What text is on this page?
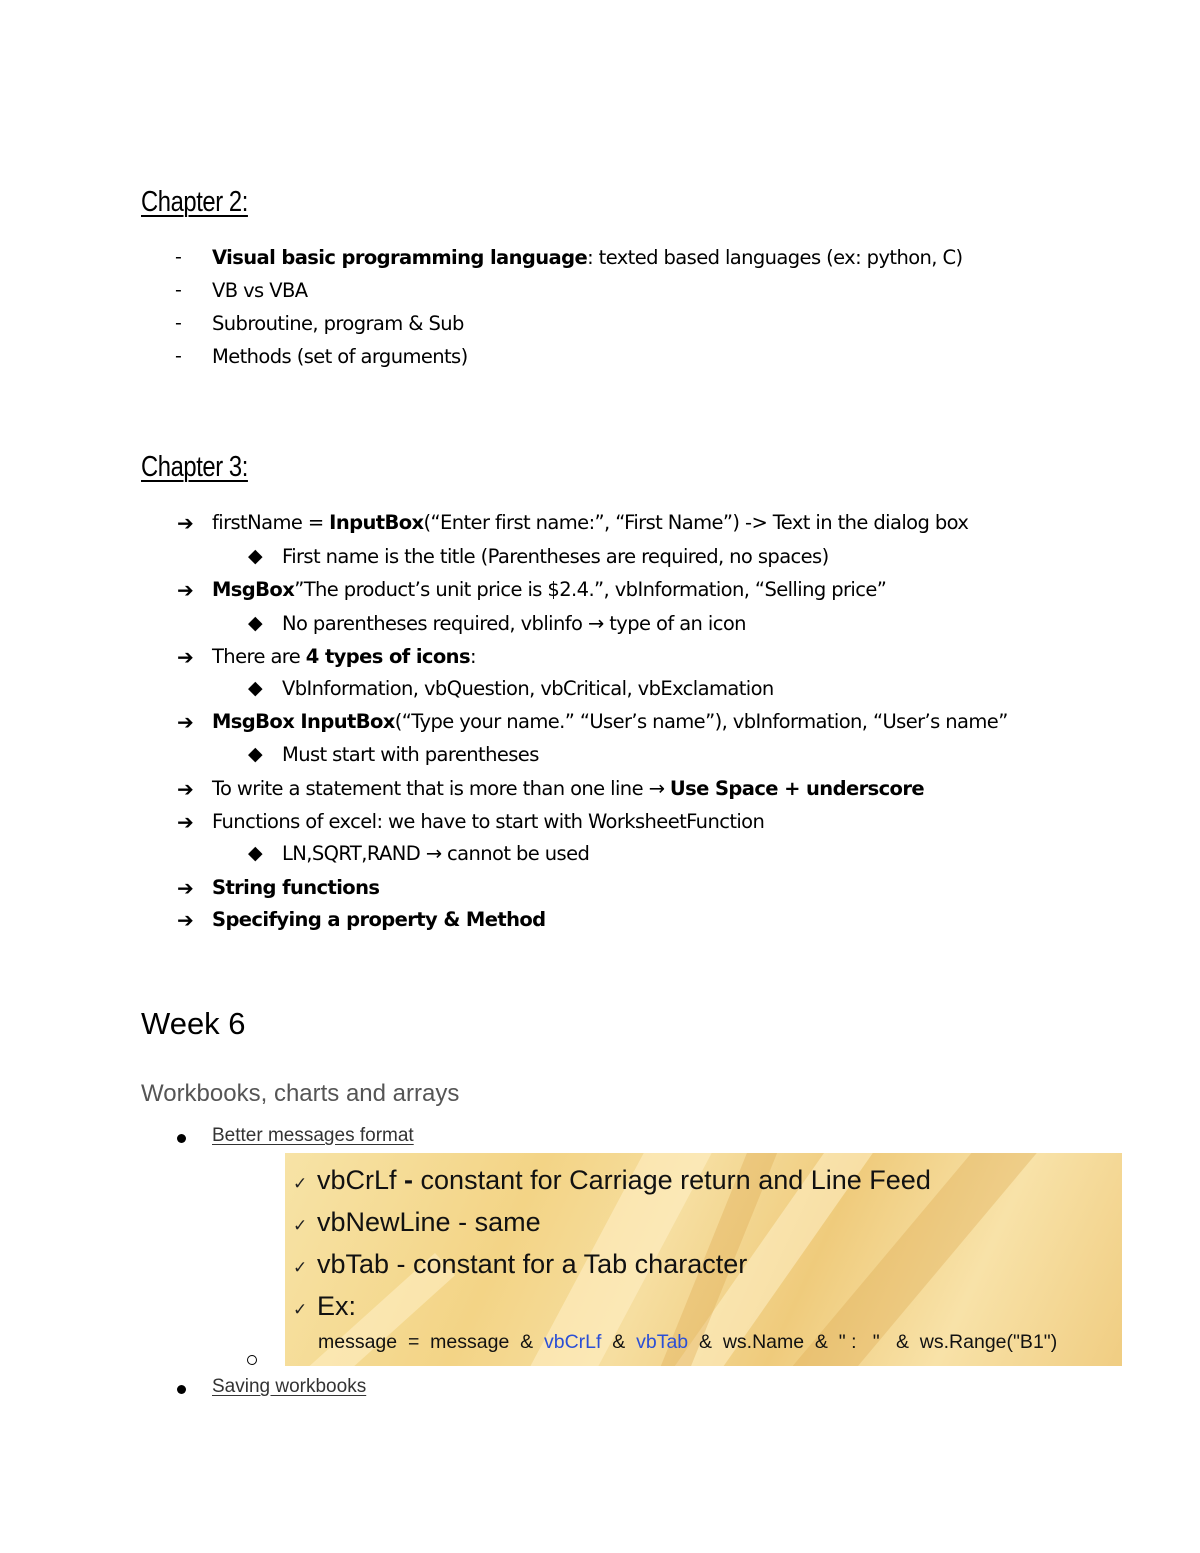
Chapter 2:
- Visual basic programming language: texted based languages (ex: python, C)
- VB vs VBA
- Subroutine, program & Sub
- Methods (set of arguments)
Chapter 3:
➔ firstName = InputBox(“Enter first name:”, “First Name”) -> Text in the dialog box
◆ First name is the title (Parentheses are required, no spaces)
➔ MsgBox”The product’s unit price is $2.4.”, vbInformation, “Selling price”
◆ No parentheses required, vblinfo → type of an icon
➔ There are 4 types of icons:
◆ VbInformation, vbQuestion, vbCritical, vbExclamation
➔ MsgBox InputBox(“Type your name.” “User’s name”), vbInformation, “User’s name”
◆ Must start with parentheses
➔ To write a statement that is more than one line → Use Space + underscore
➔ Functions of excel: we have to start with WorksheetFunction
◆ LN,SQRT,RAND → cannot be used
➔ String functions
➔ Specifying a property & Method
Week 6
Workbooks, charts and arrays
Better messages format
✓ vbCrLf - constant for Carriage return and Line Feed
✓ vbNewLine - same
✓ vbTab - constant for a Tab character
✓ Ex:
message  =  message  &  vbCrLf  &  vbTab  &  ws.Name  &  " :   "   &  ws.Range("B1")
Saving workbooks
